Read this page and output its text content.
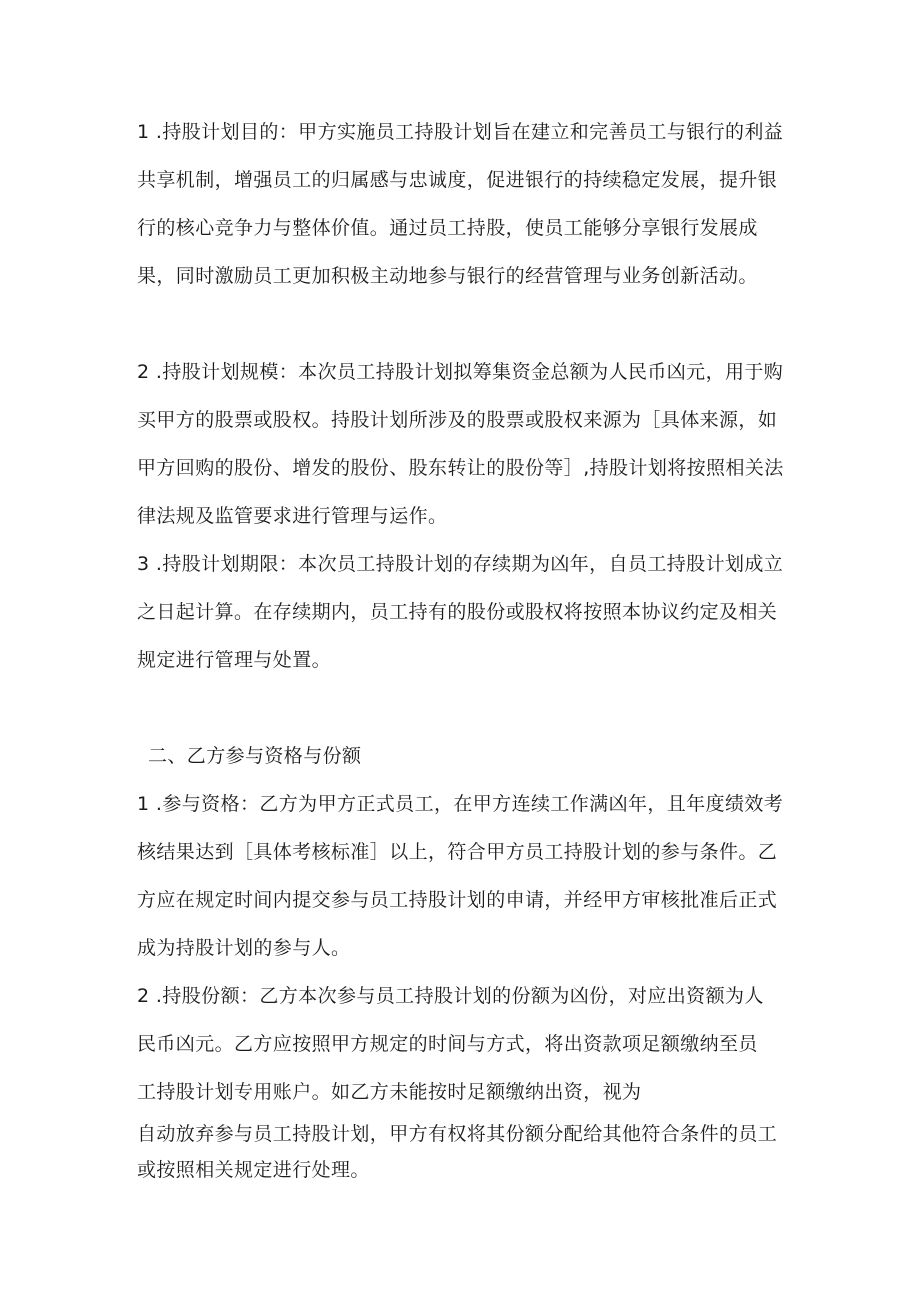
1 .持股计划目的：甲方实施员工持股计划旨在建立和完善员工与银行的利益共享机制，增强员工的归属感与忠诚度，促进银行的持续稳定发展，提升银行的核心竞争力与整体价值。通过员工持股，使员工能够分享银行发展成果，同时激励员工更加积极主动地参与银行的经营管理与业务创新活动。

2 .持股计划规模：本次员工持股计划拟筹集资金总额为人民币凶元，用于购买甲方的股票或股权。持股计划所涉及的股票或股权来源为［具体来源，如甲方回购的股份、增发的股份、股东转让的股份等］,持股计划将按照相关法律法规及监管要求进行管理与运作。

3 .持股计划期限：本次员工持股计划的存续期为凶年，自员工持股计划成立之日起计算。在存续期内，员工持有的股份或股权将按照本协议约定及相关规定进行管理与处置。

二、乙方参与资格与份额

1 .参与资格：乙方为甲方正式员工，在甲方连续工作满凶年，且年度绩效考核结果达到［具体考核标准］以上，符合甲方员工持股计划的参与条件。乙方应在规定时间内提交参与员工持股计划的申请，并经甲方审核批准后正式成为持股计划的参与人。

2 .持股份额：乙方本次参与员工持股计划的份额为凶份，对应出资额为人民币凶元。乙方应按照甲方规定的时间与方式，将出资款项足额缴纳至员工持股计划专用账户。如乙方未能按时足额缴纳出资，视为
自动放弃参与员工持股计划，甲方有权将其份额分配给其他符合条件的员工或按照相关规定进行处理。
